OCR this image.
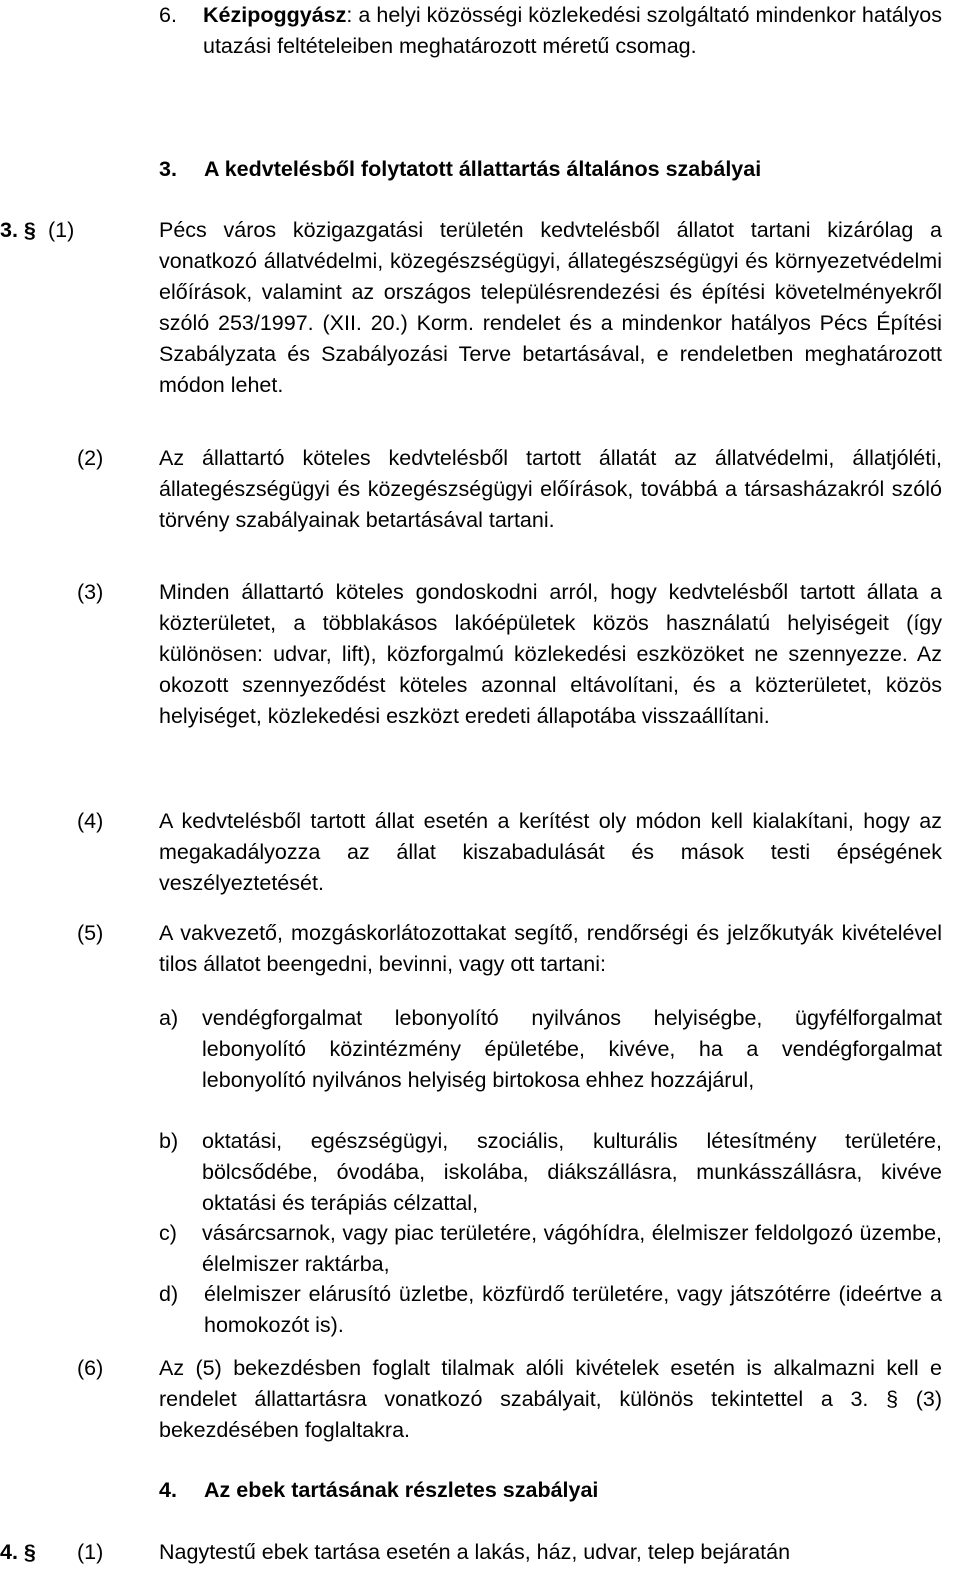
6. Kézipoggyász: a helyi közösségi közlekedési szolgáltató mindenkor hatályos utazási feltételeiben meghatározott méretű csomag.
3. A kedvtelésből folytatott állattartás általános szabályai
3. § (1)	Pécs város közigazgatási területén kedvtelésből állatot tartani kizárólag a vonatkozó állatvédelmi, közegészségügyi, állategészségügyi és környezetvédelmi előírások, valamint az országos településrendezési és építési követelményekről szóló 253/1997. (XII. 20.) Korm. rendelet és a mindenkor hatályos Pécs Építési Szabályzata és Szabályozási Terve betartásával, e rendeletben meghatározott módon lehet.
(2)	Az állattartó köteles kedvtelésből tartott állatát az állatvédelmi, állatjóléti, állategészségügyi és közegészségügyi előírások, továbbá a társasházakról szóló törvény szabályainak betartásával tartani.
(3)	Minden állattartó köteles gondoskodni arról, hogy kedvtelésből tartott állata a közterületet, a többlakásos lakóépületek közös használatú helyiségeit (így különösen: udvar, lift), közforgalmú közlekedési eszközöket ne szennyezze. Az okozott szennyeződést köteles azonnal eltávolítani, és a közterületet, közös helyiséget, közlekedési eszközt eredeti állapotába visszaállítani.
(4)	A kedvtelésből tartott állat esetén a kerítést oly módon kell kialakítani, hogy az megakadályozza az állat kiszabadulását és mások testi épségének veszélyeztetését.
(5)	A vakvezető, mozgáskorlátozottakat segítő, rendőrségi és jelzőkutyák kivételével tilos állatot beengedni, bevinni, vagy ott tartani:
a) vendégforgalmat lebonyolító nyilvános helyiségbe, ügyfélforgalmat lebonyolító közintézmény épületébe, kivéve, ha a vendégforgalmat lebonyolító nyilvános helyiség birtokosa ehhez hozzájárul,
b) oktatási, egészségügyi, szociális, kulturális létesítmény területére, bölcsődébe, óvodába, iskolába, diákszállásra, munkásszállásra, kivéve oktatási és terápiás célzattal,
c) vásárcsarnok, vagy piac területére, vágóhídra, élelmiszer feldolgozó üzembe, élelmiszer raktárba,
d) élelmiszer elárusító üzletbe, közfürdő területére, vagy játszótérre (ideértve a homokozót is).
(6)	Az (5) bekezdésben foglalt tilalmak alóli kivételek esetén is alkalmazni kell e rendelet állattartásra vonatkozó szabályait, különös tekintettel a 3. § (3) bekezdésében foglaltakra.
4. Az ebek tartásának részletes szabályai
4. § (1)	Nagytestű ebek tartása esetén a lakás, ház, udvar, telep bejáratán
